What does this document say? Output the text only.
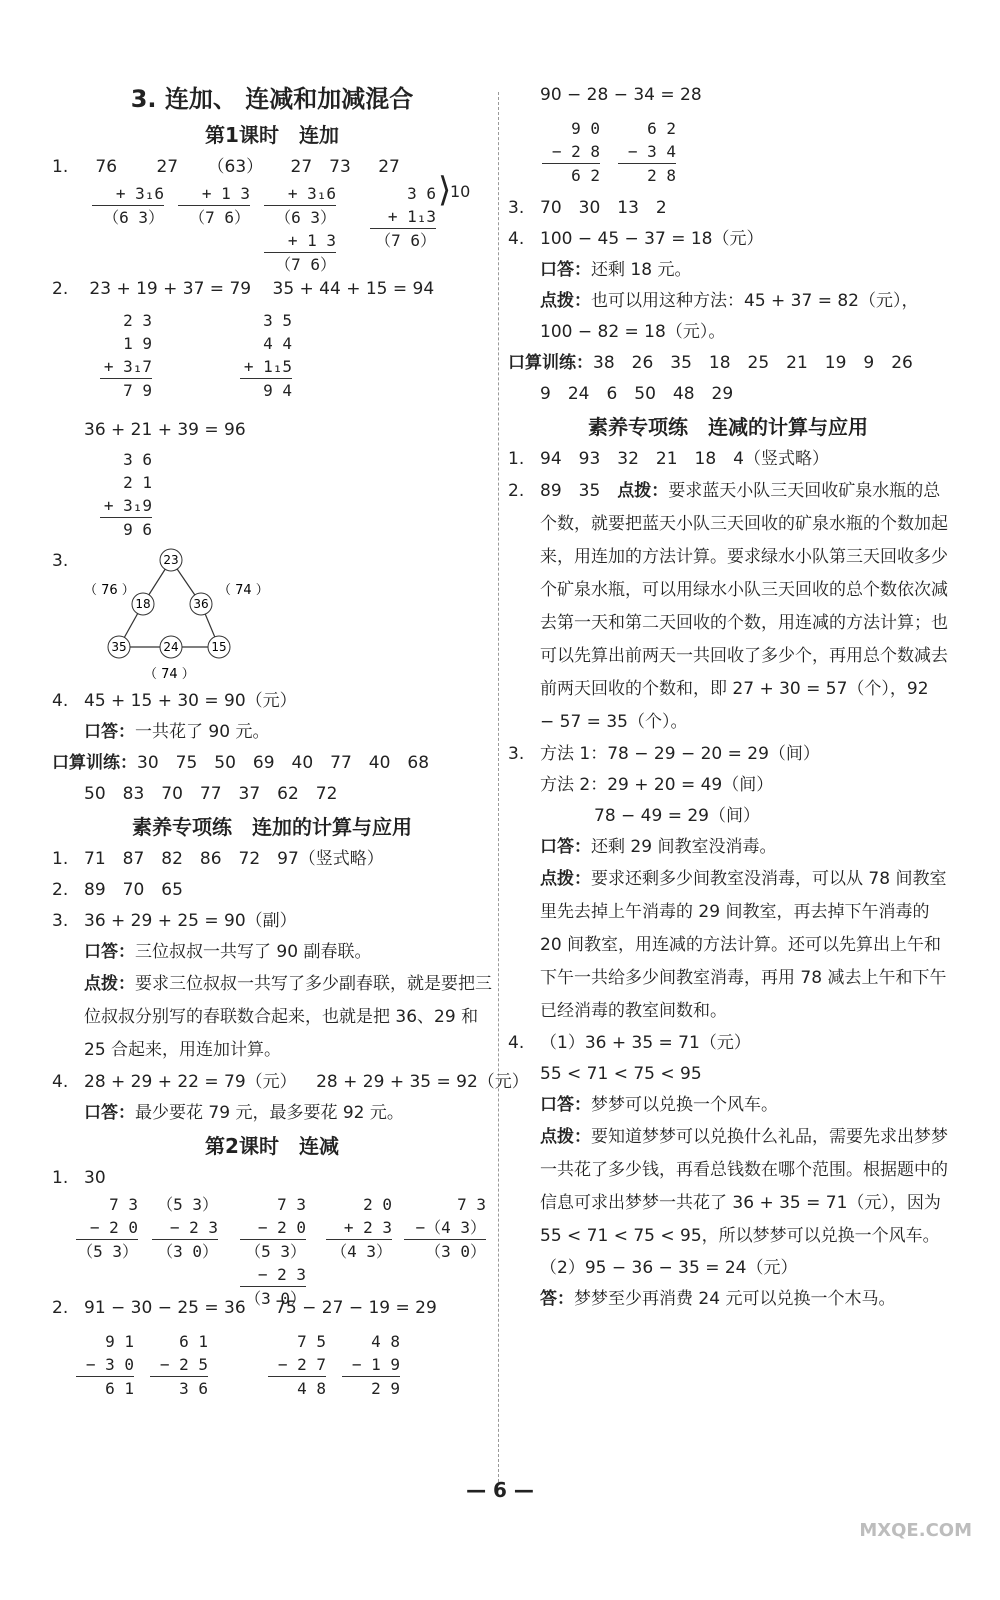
3. 连加、 连减和加减混合
第1课时　连加
1. 76 27 （63） 27　73 27
+ 3₁6
（6 3）
+ 1 3
（7 6）
+ 3₁6
（6 3）
+ 1 3
（7 6）
3 6
+ 1₁3
（7 6）
⟩
10
2. 23 + 19 + 37 = 79 35 + 44 + 15 = 94
2 3
1 9
+ 3₁7
7 9
3 5
4 4
+ 1₁5
9 4
36 + 21 + 39 = 96
3 6
2 1
+ 3₁9
9 6
3.	23
18	36
35	24	15
（ 76 ）	（ 74 ）
（ 74 ）
4. 45 + 15 + 30 = 90（元）
口答：一共花了 90 元。
口算训练：30　75　50　69　40　77　40　68
50　83　70　77　37　62　72
素养专项练　连加的计算与应用
1. 71　87　82　86　72　97（竖式略）
2. 89　70　65
3. 36 + 29 + 25 = 90（副）
口答：三位叔叔一共写了 90 副春联。
点拨：要求三位叔叔一共写了多少副春联，就是要把三位叔叔分别写的春联数合起来，也就是把 36、29 和 25 合起来，用连加计算。
4. 28 + 29 + 22 = 79（元） 28 + 29 + 35 = 92（元）
口答：最少要花 79 元，最多要花 92 元。
第2课时　连减
1. 30
7 3
− 2 0
（5 3）
（5 3）
− 2 3
（3 0）
7 3
− 2 0
（5 3）
− 2 3
（3 0）
2 0
+ 2 3
（4 3）
7 3
−（4 3）
（3 0）
2. 91 − 30 − 25 = 36 75 − 27 − 19 = 29
9 1
− 3 0
6 1
6 1
− 2 5
3 6
7 5
− 2 7
4 8
4 8
− 1 9
2 9
90 − 28 − 34 = 28
9 0
− 2 8
6 2
6 2
− 3 4
2 8
3. 70　30　13　2
4. 100 − 45 − 37 = 18（元）
口答：还剩 18 元。
点拨：也可以用这种方法：45 + 37 = 82（元），
100 − 82 = 18（元）。
口算训练：38　26　35　18　25　21　19　9　26
9　24　6　50　48　29
素养专项练　连减的计算与应用
1. 94　93　32　21　18　4（竖式略）
2. 89　35　点拨：要求蓝天小队三天回收矿泉水瓶的总个数，就要把蓝天小队三天回收的矿泉水瓶的个数加起来，用连加的方法计算。要求绿水小队第三天回收多少个矿泉水瓶，可以用绿水小队三天回收的总个数依次减去第一天和第二天回收的个数，用连减的方法计算；也可以先算出前两天一共回收了多少个，再用总个数减去前两天回收的个数和，即 27 + 30 = 57（个），92 − 57 = 35（个）。
3. 方法 1：78 − 29 − 20 = 29（间）
方法 2：29 + 20 = 49（间）
78 − 49 = 29（间）
口答：还剩 29 间教室没消毒。
点拨：要求还剩多少间教室没消毒，可以从 78 间教室里先去掉上午消毒的 29 间教室，再去掉下午消毒的 20 间教室，用连减的方法计算。还可以先算出上午和下午一共给多少间教室消毒，再用 78 减去上午和下午已经消毒的教室间数和。
4. （1）36 + 35 = 71（元）
55 < 71 < 75 < 95
口答：梦梦可以兑换一个风车。
点拨：要知道梦梦可以兑换什么礼品，需要先求出梦梦一共花了多少钱，再看总钱数在哪个范围。根据题中的信息可求出梦梦一共花了 36 + 35 = 71（元），因为 55 < 71 < 75 < 95，所以梦梦可以兑换一个风车。
（2）95 − 36 − 35 = 24（元）
答：梦梦至少再消费 24 元可以兑换一个木马。
— 6 —
MXQE.COM
